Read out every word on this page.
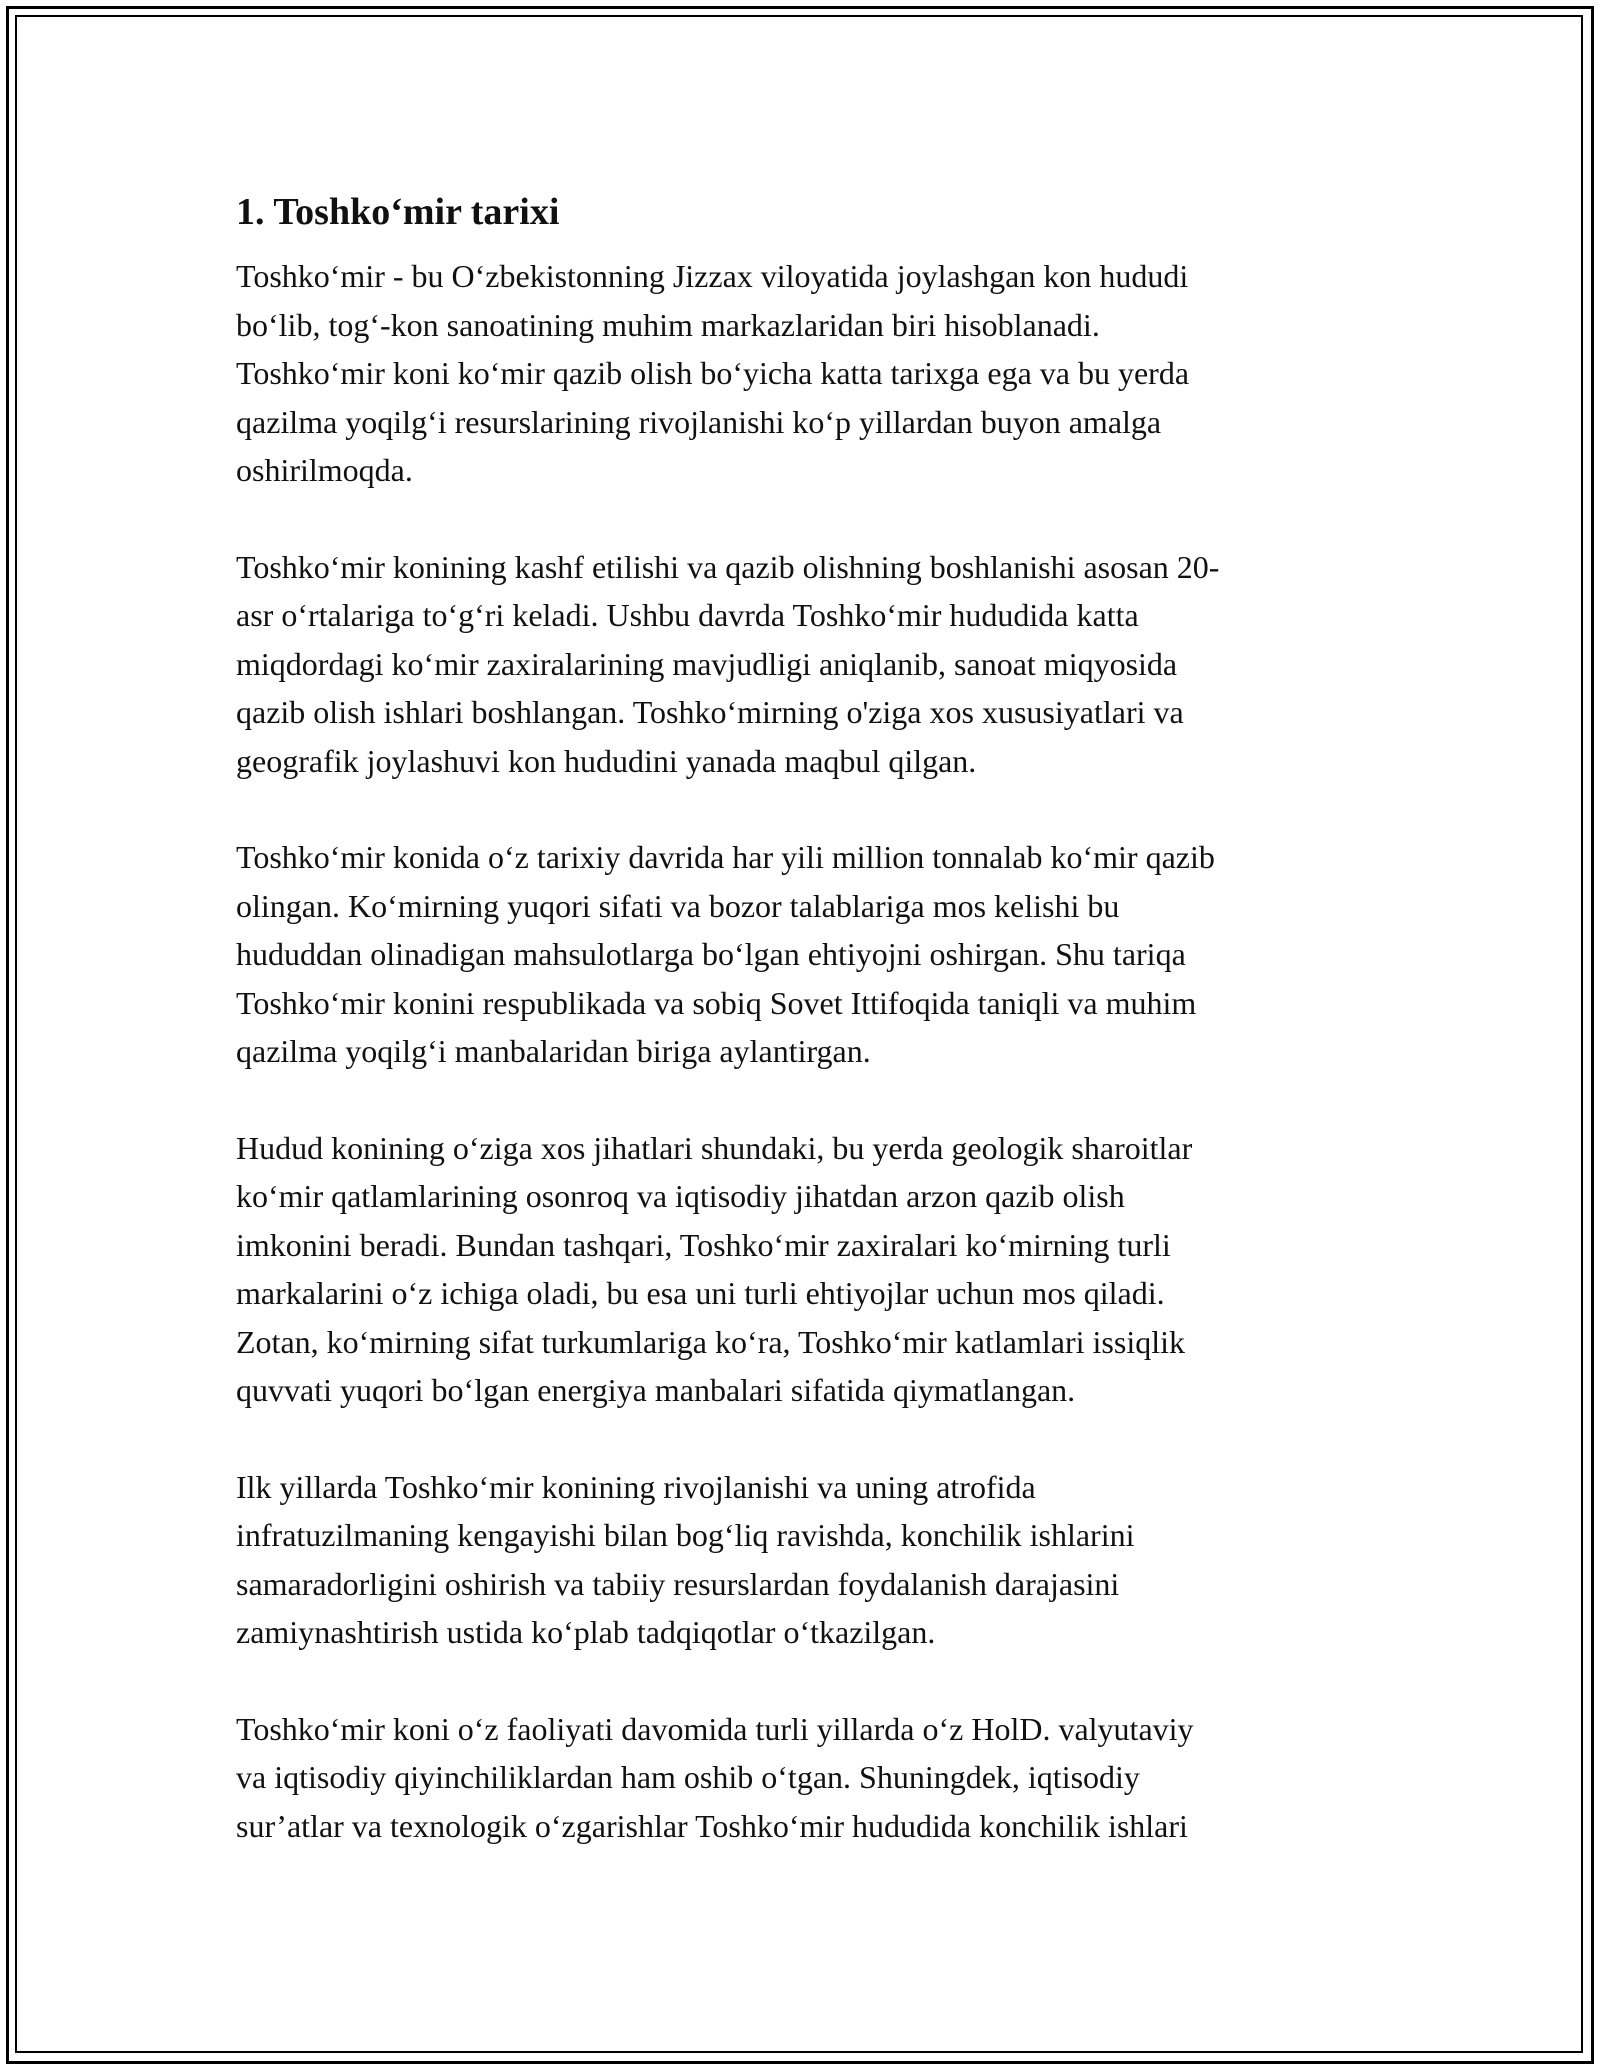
1. Toshko‘mir tarixi

Toshko‘mir - bu O‘zbekistonning Jizzax viloyatida joylashgan kon hududi
bo‘lib, tog‘-kon sanoatining muhim markazlaridan biri hisoblanadi.
Toshko‘mir koni ko‘mir qazib olish bo‘yicha katta tarixga ega va bu yerda
qazilma yoqilg‘i resurslarining rivojlanishi ko‘p yillardan buyon amalga
oshirilmoqda.

Toshko‘mir konining kashf etilishi va qazib olishning boshlanishi asosan 20-
asr o‘rtalariga to‘g‘ri keladi. Ushbu davrda Toshko‘mir hududida katta
miqdordagi ko‘mir zaxiralarining mavjudligi aniqlanib, sanoat miqyosida
qazib olish ishlari boshlangan. Toshko‘mirning o'ziga xos xususiyatlari va
geografik joylashuvi kon hududini yanada maqbul qilgan.

Toshko‘mir konida o‘z tarixiy davrida har yili million tonnalab ko‘mir qazib
olingan. Ko‘mirning yuqori sifati va bozor talablariga mos kelishi bu
hududdan olinadigan mahsulotlarga bo‘lgan ehtiyojni oshirgan. Shu tariqa
Toshko‘mir konini respublikada va sobiq Sovet Ittifoqida taniqli va muhim
qazilma yoqilg‘i manbalaridan biriga aylantirgan.

Hudud konining o‘ziga xos jihatlari shundaki, bu yerda geologik sharoitlar
ko‘mir qatlamlarining osonroq va iqtisodiy jihatdan arzon qazib olish
imkonini beradi. Bundan tashqari, Toshko‘mir zaxiralari ko‘mirning turli
markalarini o‘z ichiga oladi, bu esa uni turli ehtiyojlar uchun mos qiladi.
Zotan, ko‘mirning sifat turkumlariga ko‘ra, Toshko‘mir katlamlari issiqlik
quvvati yuqori bo‘lgan energiya manbalari sifatida qiymatlangan.

Ilk yillarda Toshko‘mir konining rivojlanishi va uning atrofida
infratuzilmaning kengayishi bilan bog‘liq ravishda, konchilik ishlarini
samaradorligini oshirish va tabiiy resurslardan foydalanish darajasini
zamiynashtirish ustida ko‘plab tadqiqotlar o‘tkazilgan.

Toshko‘mir koni o‘z faoliyati davomida turli yillarda o‘z HolD. valyutaviy
va iqtisodiy qiyinchiliklardan ham oshib o‘tgan. Shuningdek, iqtisodiy
sur’atlar va texnologik o‘zgarishlar Toshko‘mir hududida konchilik ishlari
